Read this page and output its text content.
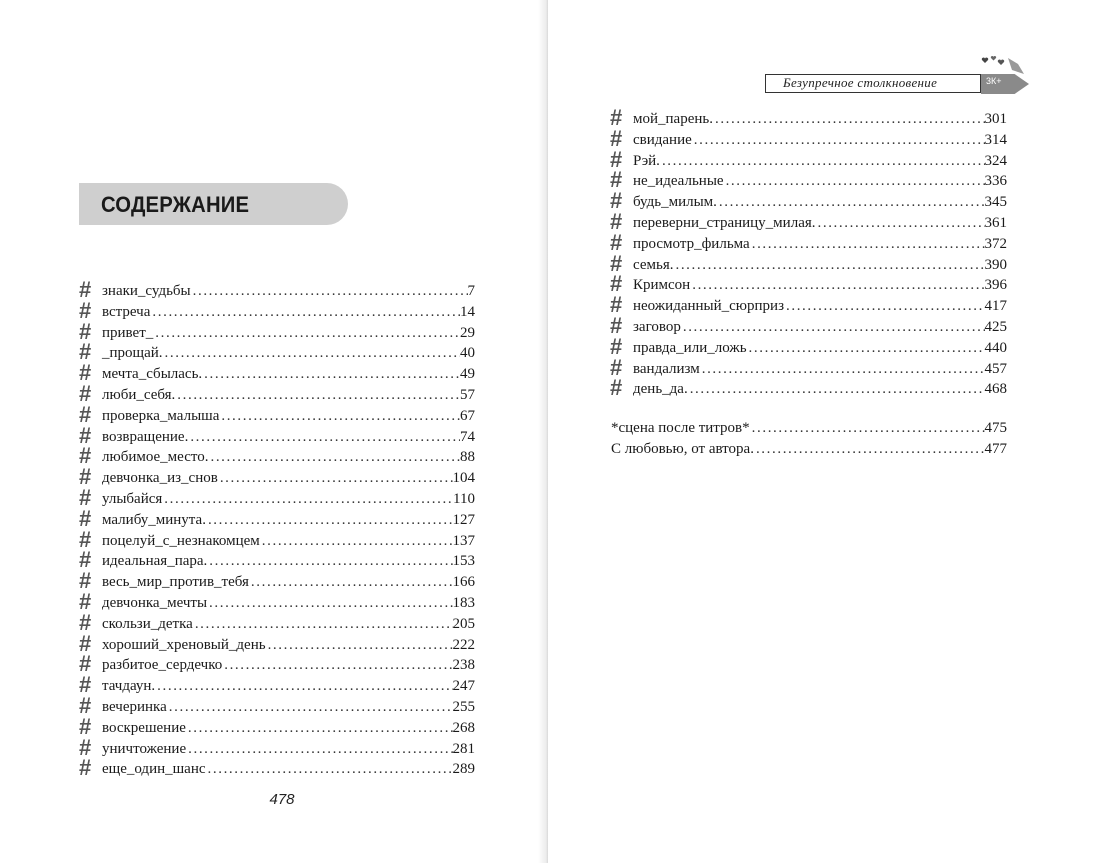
СОДЕРЖАНИЕ
# знаки_судьбы .....	7
# встреча .....	14
# привет_ .....	29
# _прощай. .....	40
# мечта_сбылась. .....	49
# люби_себя. .....	57
# проверка_малыша .....	67
# возвращение. .....	74
# любимое_место. .....	88
# девчонка_из_снов .....	104
# улыбайся .....	110
# малибу_минута. .....	127
# поцелуй_с_незнакомцем .....	137
# идеальная_пара. .....	153
# весь_мир_против_тебя .....	166
# девчонка_мечты .....	183
# скользи_детка .....	205
# хороший_хреновый_день .....	222
# разбитое_сердечко .....	238
# тачдаун. .....	247
# вечеринка .....	255
# воскрешение .....	268
# уничтожение .....	281
# еще_один_шанс .....	289
478
Безупречное столкновение	3К+
# мой_парень. .....	301
# свидание .....	314
# Рэй. .....	324
# не_идеальные .....	336
# будь_милым. .....	345
# переверни_страницу_милая. .....	361
# просмотр_фильма .....	372
# семья. .....	390
# Кримсон .....	396
# неожиданный_сюрприз .....	417
# заговор .....	425
# правда_или_ложь .....	440
# вандализм .....	457
# день_да. .....	468
*сцена после титров* .....	475
С любовью, от автора. .....	477
